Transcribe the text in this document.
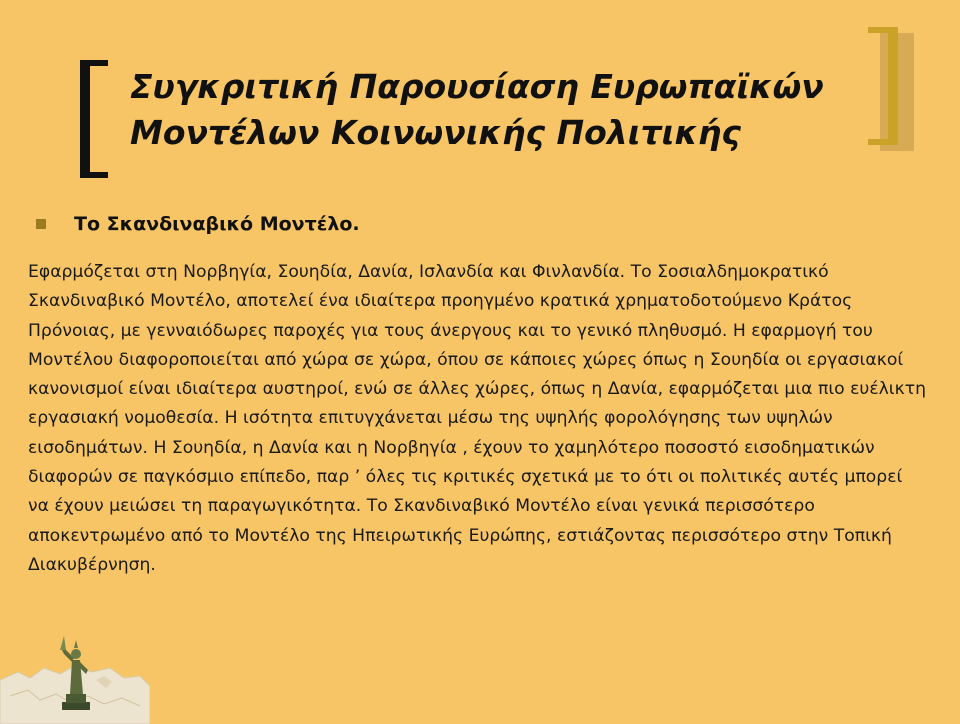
Συγκριτική Παρουσίαση Ευρωπαϊκών Μοντέλων Κοινωνικής Πολιτικής
Το Σκανδιναβικό Μοντέλο.

Εφαρμόζεται στη Νορβηγία, Σουηδία, Δανία, Ισλανδία και Φινλανδία. Το Σοσιαλδημοκρατικό Σκανδιναβικό Μοντέλο, αποτελεί ένα ιδιαίτερα προηγμένο κρατικά χρηματοδοτούμενο Κράτος Πρόνοιας, με γενναιόδωρες παροχές για τους άνεργους και το γενικό πληθυσμό. Η εφαρμογή του Μοντέλου διαφοροποιείται από χώρα σε χώρα, όπου σε κάποιες χώρες όπως η Σουηδία οι εργασιακοί κανονισμοί είναι ιδιαίτερα αυστηροί, ενώ σε άλλες χώρες, όπως η Δανία, εφαρμόζεται μια πιο ευέλικτη εργασιακή νομοθεσία. Η ισότητα επιτυγχάνεται μέσω της υψηλής φορολόγησης των υψηλών εισοδημάτων. Η Σουηδία, η Δανία και η Νορβηγία , έχουν το χαμηλότερο ποσοστό εισοδηματικών διαφορών σε παγκόσμιο επίπεδο, παρ ’ όλες τις κριτικές σχετικά με το ότι οι πολιτικές αυτές μπορεί να έχουν μειώσει τη παραγωγικότητα. Το Σκανδιναβικό Μοντέλο είναι γενικά περισσότερο αποκεντρωμένο από το Μοντέλο της Ηπειρωτικής Ευρώπης, εστιάζοντας περισσότερο στην Τοπική Διακυβέρνηση.
